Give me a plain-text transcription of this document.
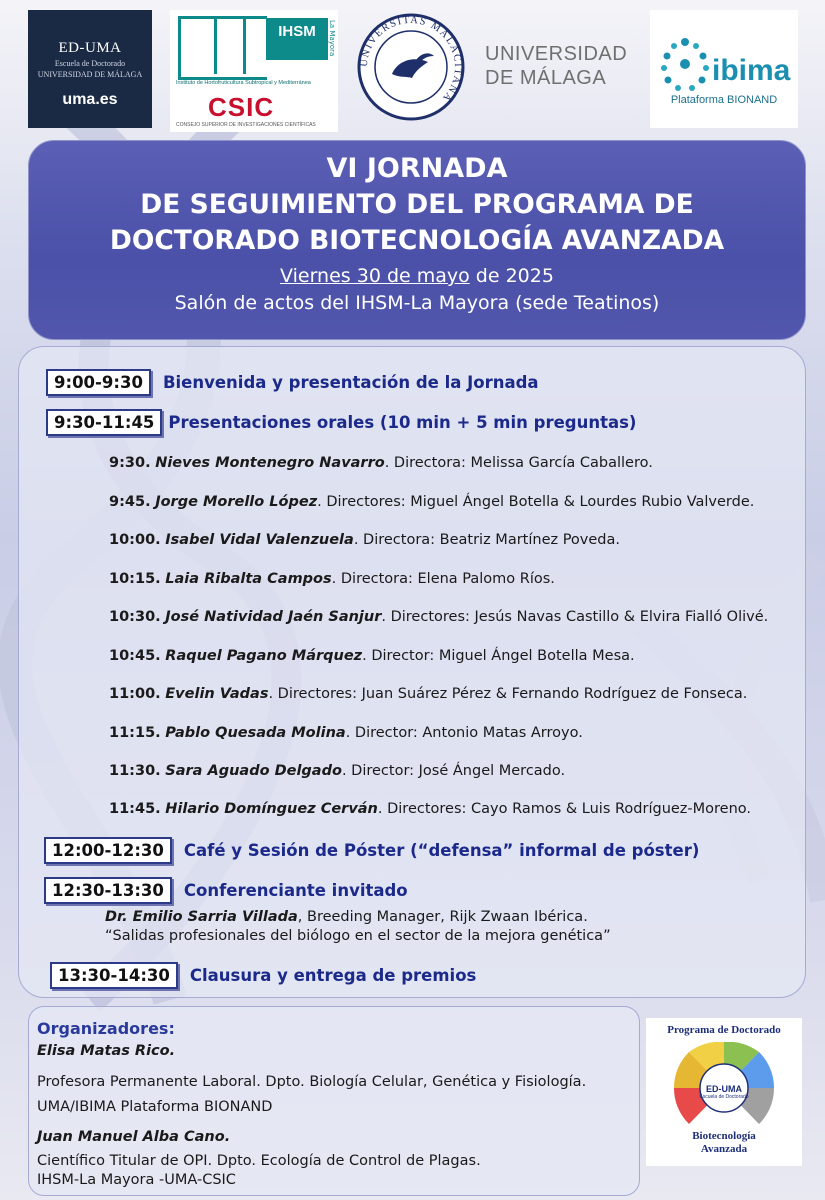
ED-UMA
Escuela de Doctorado
UNIVERSIDAD DE MÁLAGA
uma.es
IHSM	La Mayora
Instituto de Hortofruticultura Subtropical y Mediterránea
CSIC
CONSEJO SUPERIOR DE INVESTIGACIONES CIENTÍFICAS
UNIVERSITAS MALACITANA
UNIVERSIDAD
DE MÁLAGA	ibima
Plataforma BIONAND
VI JORNADA
DE SEGUIMIENTO DEL PROGRAMA DE
DOCTORADO BIOTECNOLOGÍA AVANZADA
Viernes 30 de mayo de 2025
Salón de actos del IHSM-La Mayora (sede Teatinos)
9:00-9:30	Bienvenida y presentación de la Jornada
9:30-11:45 Presentaciones orales (10 min + 5 min preguntas)
9:30. Nieves Montenegro Navarro. Directora: Melissa García Caballero.
9:45. Jorge Morello López. Directores: Miguel Ángel Botella & Lourdes Rubio Valverde.
10:00. Isabel Vidal Valenzuela. Directora: Beatriz Martínez Poveda.
10:15. Laia Ribalta Campos. Directora: Elena Palomo Ríos.
10:30. José Natividad Jaén Sanjur. Directores: Jesús Navas Castillo & Elvira Fialló Olivé.
10:45. Raquel Pagano Márquez. Director: Miguel Ángel Botella Mesa.
11:00. Evelin Vadas. Directores: Juan Suárez Pérez & Fernando Rodríguez de Fonseca.
11:15. Pablo Quesada Molina. Director: Antonio Matas Arroyo.
11:30. Sara Aguado Delgado. Director: José Ángel Mercado.
11:45. Hilario Domínguez Cerván. Directores: Cayo Ramos & Luis Rodríguez-Moreno.
12:00-12:30	Café y Sesión de Póster (“defensa” informal de póster)
12:30-13:30	Conferenciante invitado
Dr. Emilio Sarria Villada, Breeding Manager, Rijk Zwaan Ibérica.
“Salidas profesionales del biólogo en el sector de la mejora genética”
13:30-14:30	Clausura y entrega de premios
Organizadores:
Elisa Matas Rico.
Profesora Permanente Laboral. Dpto. Biología Celular, Genética y Fisiología.
UMA/IBIMA Plataforma BIONAND
Juan Manuel Alba Cano.
Científico Titular de OPI. Dpto. Ecología de Control de Plagas.
IHSM-La Mayora -UMA-CSIC
Programa de Doctorado
ED-UMA
Escuela de Doctorado
Biotecnología
Avanzada
